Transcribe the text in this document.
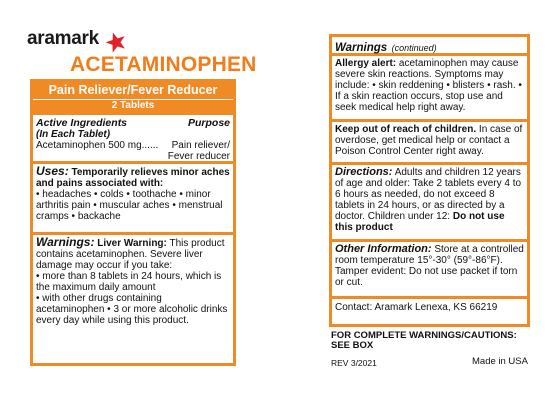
aramark
ACETAMINOPHEN
Pain Reliever/Fever Reducer
2 Tablets
Active Ingredients	Purpose
(In Each Tablet)
Acetaminophen 500 mg......	Pain reliever/
Fever reducer
Uses: Temporarily relieves minor aches and pains associated with:
• headaches • colds • toothache • minor arthritis pain • muscular aches • menstrual cramps • backache
Warnings: Liver Warning: This product contains acetaminophen. Severe liver damage may occur if you take:
• more than 8 tablets in 24 hours, which is the maximum daily amount
• with other drugs containing acetaminophen • 3 or more alcoholic drinks every day while using this product.
Warnings (continued)
Allergy alert: acetaminophen may cause severe skin reactions. Symptoms may include: • skin reddening • blisters • rash. • If a skin reaction occurs, stop use and seek medical help right away.
Keep out of reach of children. In case of overdose, get medical help or contact a Poison Control Center right away.
Directions: Adults and children 12 years of age and older: Take 2 tablets every 4 to 6 hours as needed, do not exceed 8 tablets in 24 hours, or as directed by a doctor. Children under 12: Do not use this product
Other Information: Store at a controlled room temperature 15°-30° (59°-86°F). Tamper evident: Do not use packet if torn or cut.
Contact: Aramark Lenexa, KS 66219
FOR COMPLETE WARNINGS/CAUTIONS: SEE BOX
REV 3/2021	Made in USA
